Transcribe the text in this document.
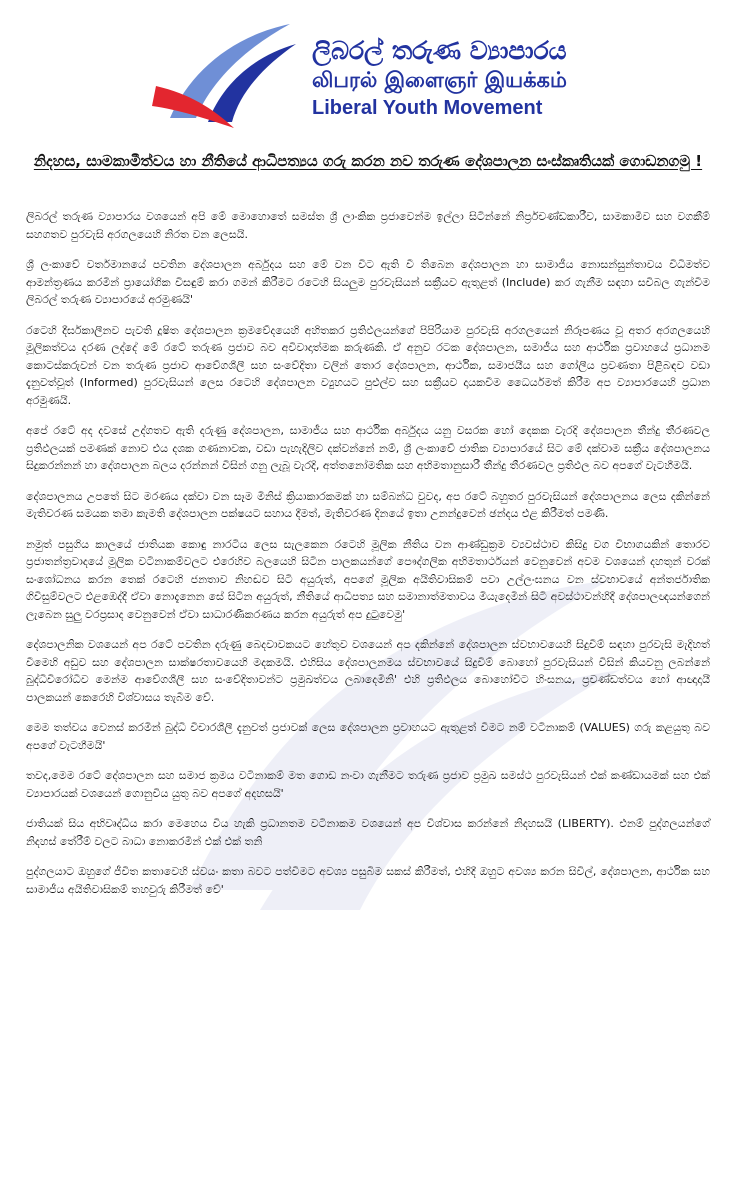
ලිබරල් තරුණ ව්‍යාපාරය
லிபரல் இளைஞர் இயக்கம்
Liberal Youth Movement
නිදහස, සාමකාමීත්වය හා නීතියේ ආධිපත්‍යය ගරු කරන නව තරුණ දේශපාලන සංස්කෘතියක් ගොඩනගමු !

ලිබරල් තරුණ ව්‍යාපාරය වශයෙන් අපි මේ මොහොතේ සමස්ත ශ්‍රී ලාංකික ප්‍රජාවෙන්ම ඉල්ලා සිටින්නේ නිර්ප්‍රචණ්ඩකාරීව, සාමකාමීව සහ වගකීම් සහගතව පුරවැසි අරගලයෙහි නිරත වන ලෙසයි.

ශ්‍රී ලංකාවේ වර්තමානයේ පවතින දේශපාලන අර්බුදය සහ මේ වන විට ඇති වී තිබෙන දේශපාලන හා සාමාජීය නොසන්සුන්තාවය විධිමත්ව ආමන්ත්‍රණය කරමින් ප්‍රායෝගික විසඳුම් කරා ගමන් කිරීමට රටෙහි සියලුම පුරවැසියන් සක්‍රීයව ඇතුළත් (Include) කර ගැනීම සඳහා සවිබල ගැන්වීම ලිබරල් තරුණ ව්‍යාපාරයේ අරමුණයි'

රටෙහි දීර්ඝකාලීනව පැවති දූෂිත දේශපාලන ක්‍රමවේදයෙහි අහිතකර ප්‍රතිඵලයන්ගේ පිපිරියාම පුරවැසි අරගලයෙන් නිරූපණය වූ අතර අරගලයෙහි මූලිකත්වය දරණ ලද්දේ මේ රටේ තරුණ ප්‍රජාව බව අවිවාදාත්මක කරුණකි. ඒ අනුව රටක දේශපාලන, සමාජීය සහ ආර්ථික ප්‍රවාහයේ ප්‍රධානම කොටස්කරුවන් වන තරුණ ප්‍රජාව ආවේගශීලී සහ සංවේදිතා වලින් තොර දේශපාලන, ආර්ථික, සමාජයීය සහ ගෝලීය ප්‍රවණතා පිළිබඳව වඩා දැනුවත්වූත් (Informed) පුරවැසියන් ලෙස රටෙහි දේශපාලන ව්‍යුහයට පුළුල්ව සහ සක්‍රීයව දායකවීම ධෛර්යමත් කිරීම අප ව්‍යාපාරයෙහි ප්‍රධාන අරමුණයි.

අපේ රටේ අද දවසේ උද්ගතව ඇති දරුණු දේශපාලන, සාමාජීය සහ ආර්ථික අර්බුදය යනු වසරක හෝ දෙකක වැරදි දේශපාලන තීන්දු තීරණවල ප්‍රතිඵලයක් පමණක් නොව එය දශක ගණනාවක, වඩා පැහැදිලිව දක්වන්නේ නම්, ශ්‍රී ලංකාවේ ජාතික ව්‍යාපාරයේ සිට මේ දක්වාම සක්‍රීය දේශපාලනය සිදුකරන්නන් හා දේශපාලන බලය දරන්නන් විසින් ගනු ලැබූ වැරදි, අත්තනෝමතික සහ අභිමතානුසාරී තීන්දු තීරණවල ප්‍රතිඵල බව අපගේ වැටහීමයි.

දේශපාලනය උපතේ සිට මරණය දක්වා වන සෑම මිනිස් ක්‍රියාකාරකමක් හා සම්බන්ධ වුවද, අප රටේ බහුතර පුරවැසියන් දේශපාලනය ලෙස දකින්නේ මැතිවරණ සමයක තමා කැමති දේශපාලන පක්ෂයට සහාය දීමත්, මැතිවරණ දිනයේ ඉතා උනන්දුවෙන් ඡන්දය එළ කිරීමත් පමණි.

නමුත් පසුගිය කාලයේ ජාතියක කොඳු නාරටිය ලෙස සැලකෙන රටෙහි මූලික නීතිය වන ආණ්ඩුක්‍රම ව්‍යවස්ථාව කිසිදු වග විභාගයකින් තොරව ප්‍රජාතන්ත්‍රවාදයේ මූලික වටිනාකම්වලට එරෙහිව බලයෙහි සිටින පාලකයන්ගේ පෞද්ගලික අභිමතාර්ථයන් වෙනුවෙන් අවම වශයෙන් දහතුන් වරක් සංශෝධනය කරන තෙක් රටෙහි ජනතාව නිහඬව සිටි අයුරුත්, අපගේ මූලික අයිතිවාසිකම් පවා උල්ලංඝනය වන ස්වභාවයේ අන්තර්ජාතික ගිවිසුම්වලට එළඹෙද්දී ඒවා නොදැනෙන සේ සිටින අයුරුත්, නීතියේ ආධිපත්‍ය සහ සමානාත්මතාවය මියැදෙමින් සිටි අවස්ථාවන්හිදී දේශපාලඥයන්ගෙන් ලැබෙන සුලු වරප්‍රසාද වෙනුවෙන් ඒවා සාධාරණීකරණය කරන අයුරුත් අප දුටුවෙමු'

දේශපාලනික වශයෙන් අප රටේ පවතින දරුණු බෙදවාවකයට හේතුව වශයෙන් අප දකින්නේ දේශපාලන ස්වභාවයෙහි සිදුවීම් සඳහා පුරවැසි මැදිහත් වීමෙහි අඩුව සහ දේශපාලන සාක්ෂරතාවයෙහි මදකමයි. එහිසිය දේශපාලනමය ස්වභාවයේ සිදුවීම් බොහෝ පුරවැසියන් විසින් කියවනු ලබන්නේ බුද්ධිවිරෝධීව මෙන්ම ආවේගශීලී සහ සංවේදිතාවන්ට ප්‍රමුඛත්වය ලබාදෙමිනි' එහි ප්‍රතිඵලය බොහෝවිට හිංසනය, ප්‍රචණ්ඩත්වය හෝ ආඥාදායී පාලකයන් කෙරෙහි විශ්වාසය තැබීම වේ.

මෙම තත්වය වෙනස් කරමින් බුද්ධි විචාරශීලී දැනුවත් ප්‍රජාවක් ලෙස දේශපාලන ප්‍රවාහයට ඇතුළත් වීමට නම් වටිනාකම් (VALUES) ගරු කළයුතු බව අපගේ වැටහීමයි'

තවද,මෙම රටේ දේශපාලන සහ සමාජ ක්‍රමය වටිනාකම් මත ගොඩ නංවා ගැනීමට තරුණ ප්‍රජාව ප්‍රමුඛ සමස්ථ පුරවැසියන් එක් කණ්ඩායමක් සහ එක් ව්‍යාපාරයක් වශයෙන් ගොනුවිය යුතු බව අපගේ අදහසයි'

ජාතියක් සිය අභිවෘද්ධිය කරා මෙහෙය විය හැකි ප්‍රධානතම වටිනාකම වශයෙන් අප විශ්වාස කරන්නේ නිදහසයි (LIBERTY). එනම් පුද්ගලයන්ගේ නිදහස් තේරීම් වලට බාධා නොකරමින් එක් එක් තනි

පුද්ගලයාට ඔහුගේ ජීවිත කතාවෙහි ස්වයං කතා බවට පත්වීමට අවශ්‍ය පසුබිම සකස් කිරීමත්, එහිදී ඔහුට අවශ්‍ය කරන සිවිල්, දේශපාලන, ආර්ථික සහ සාමාජීය අයිතිවාසිකම් තහවුරු කිරීමත් වේ'
